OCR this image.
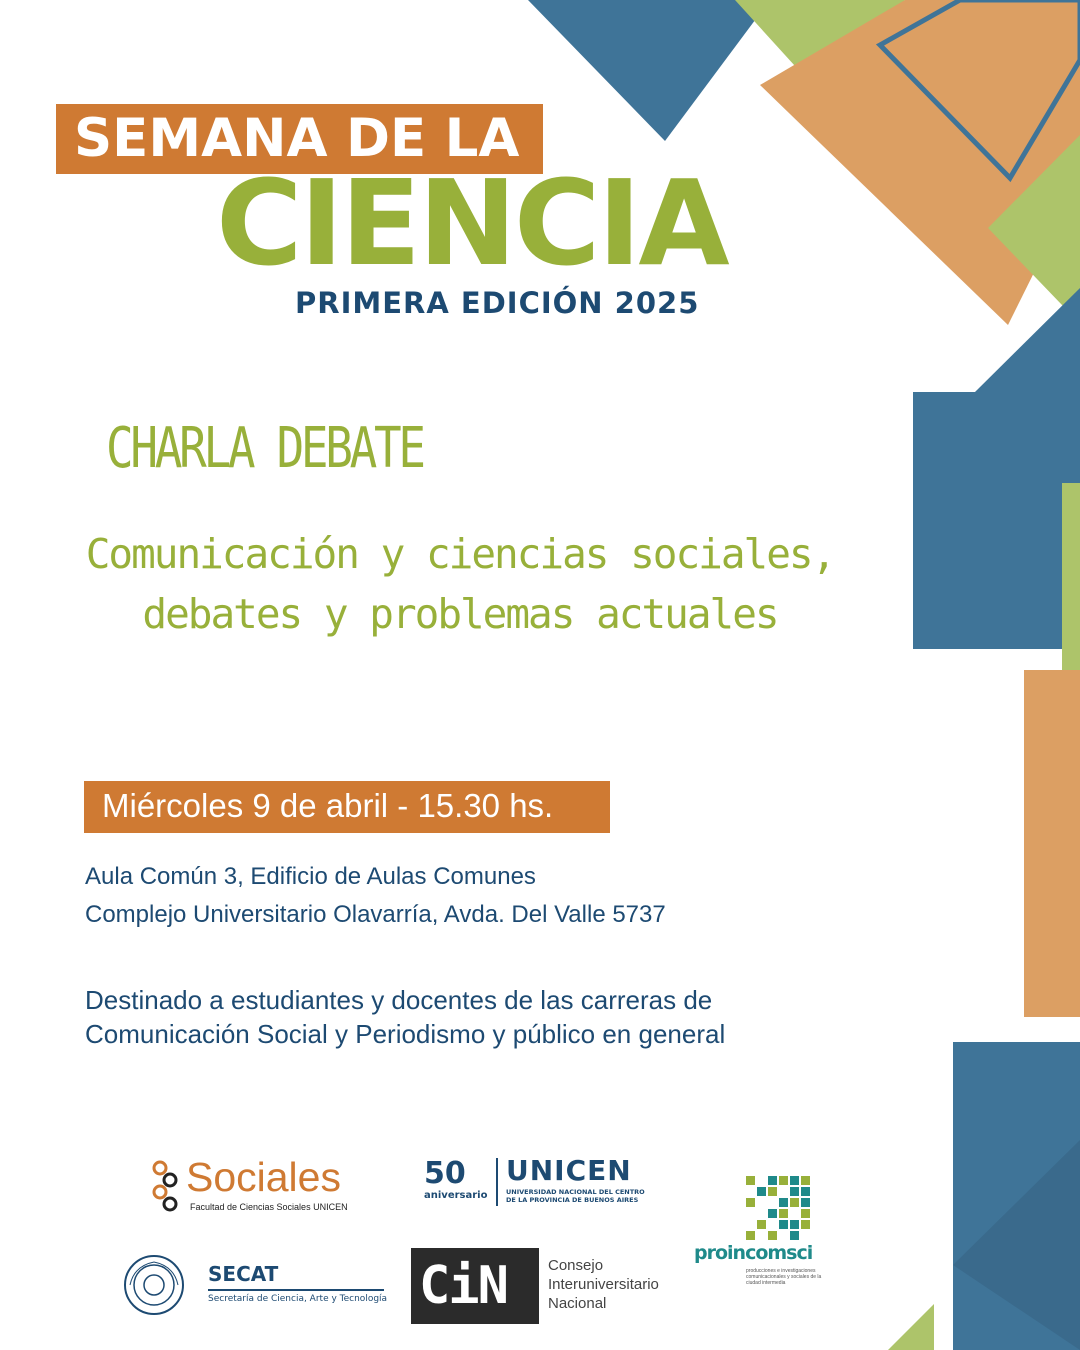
SEMANA DE LA
CIENCIA
PRIMERA EDICIÓN 2025
CHARLA DEBATE
Comunicación y ciencias sociales,
debates y problemas actuales
Miércoles 9 de abril - 15.30 hs.
Aula Común 3, Edificio de Aulas Comunes
Complejo Universitario Olavarría, Avda. Del Valle 5737
Destinado a estudiantes y docentes de las carreras de
Comunicación Social y Periodismo y público en general
Sociales
Facultad de Ciencias Sociales UNICEN
50
aniversario
UNICEN
UNIVERSIDAD NACIONAL DEL CENTRO
DE LA PROVINCIA DE BUENOS AIRES
SECAT
Secretaría de Ciencia, Arte y Tecnología CiN	Consejo
Interuniversitario
Nacional
proincomsci
producciones e investigaciones comunicacionales y sociales de la ciudad intermedia
